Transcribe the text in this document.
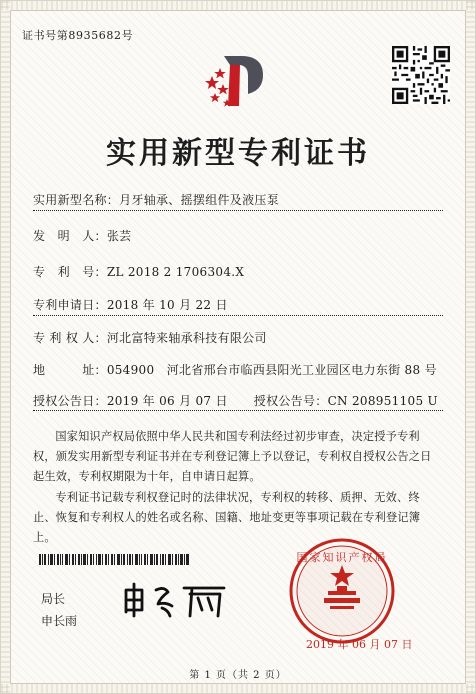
证书号第8935682号
实用新型专利证书
实用新型名称：月牙轴承、摇摆组件及液压泵
发　明　人：张芸
专　利　号：ZL 2018 2 1706304.X
专利申请日：2018 年 10 月 22 日
专 利 权 人：河北富特来轴承科技有限公司
地　　　址：054900　河北省邢台市临西县阳光工业园区电力东街 88 号
授权公告日：2019 年 06 月 07 日 授权公告号：CN 208951105 U
国家知识产权局依照中华人民共和国专利法经过初步审查，决定授予专利权，颁发实用新型专利证书并在专利登记簿上予以登记，专利权自授权公告之日起生效，专利权期限为十年，自申请日起算。
专利证书记载专利权登记时的法律状况，专利权的转移、质押、无效、终止、恢复和专利权人的姓名或名称、国籍、地址变更等事项记载在专利登记簿上。
局长
申长雨
国家知识产权局
2019 年 06 月 07 日
第 1 页（共 2 页）
